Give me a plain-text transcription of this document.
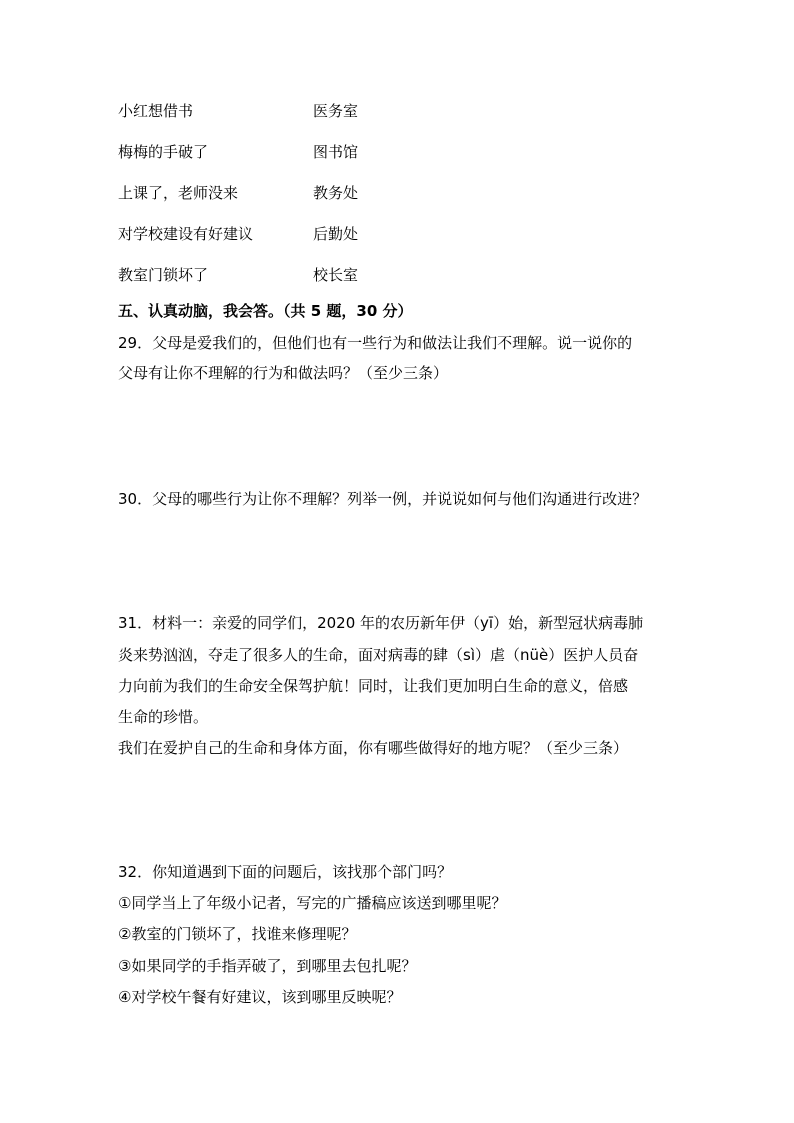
小红想借书	医务室
梅梅的手破了	图书馆
上课了，老师没来	教务处
对学校建设有好建议	后勤处
教室门锁坏了	校长室
五、认真动脑，我会答。（共 5 题，30 分）
29．父母是爱我们的，但他们也有一些行为和做法让我们不理解。说一说你的
父母有让你不理解的行为和做法吗？（至少三条）
30．父母的哪些行为让你不理解？列举一例，并说说如何与他们沟通进行改进？
31．材料一：亲爱的同学们，2020 年的农历新年伊（yī）始，新型冠状病毒肺
炎来势汹汹，夺走了很多人的生命，面对病毒的肆（sì）虐（nüè）医护人员奋
力向前为我们的生命安全保驾护航！同时，让我们更加明白生命的意义，倍感
生命的珍惜。
我们在爱护自己的生命和身体方面，你有哪些做得好的地方呢？（至少三条）
32．你知道遇到下面的问题后，该找那个部门吗？
①同学当上了年级小记者，写完的广播稿应该送到哪里呢？
②教室的门锁坏了，找谁来修理呢？
③如果同学的手指弄破了，到哪里去包扎呢？
④对学校午餐有好建议，该到哪里反映呢？
